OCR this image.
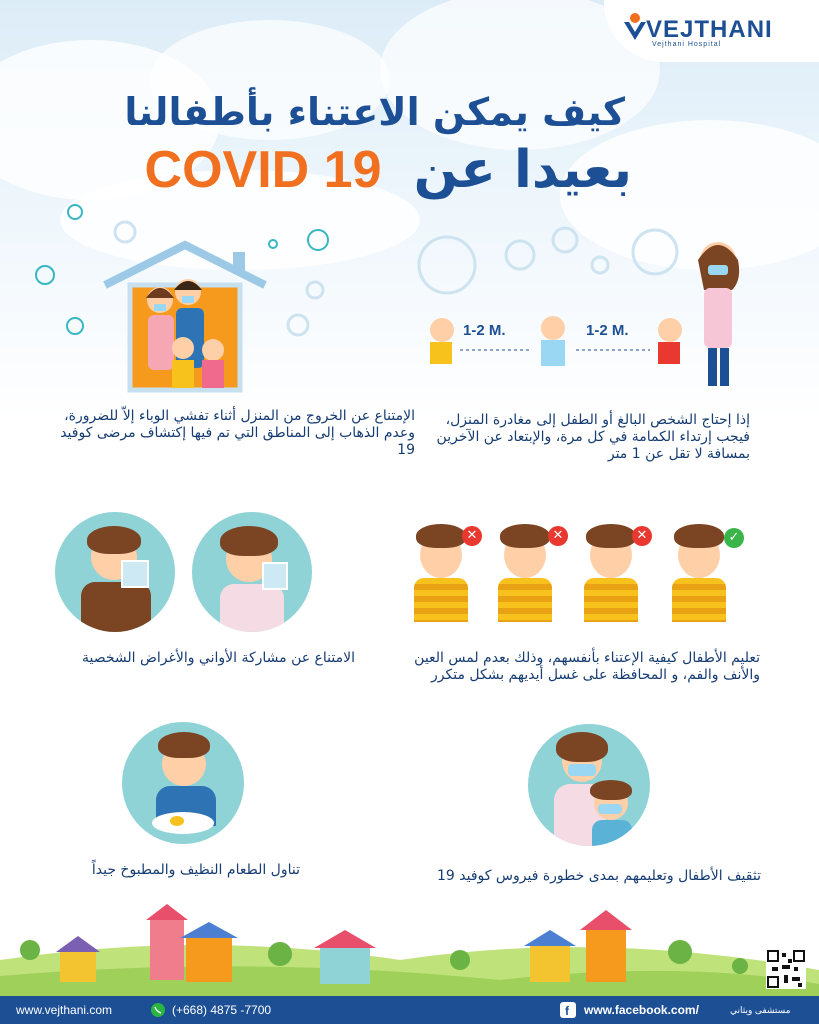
VEJTHANI
Vejthani Hospital
كيف يمكن الاعتناء بأطفالنا
COVID 19 بعيدا عن
الإمتناع عن الخروج من المنزل أثناء تفشي الوباء إلاّ للضرورة، وعدم الذهاب إلى المناطق التي تم فيها إكتشاف مرضى كوفيد 19
1-2 M.	1-2 M.
إذا إحتاج الشخص البالغ أو الطفل إلى مغادرة المنزل، فيجب إرتداء الكمامة في كل مرة، والإبتعاد عن الآخرين بمسافة لا تقل عن 1 متر
الامتناع عن مشاركة الأواني والأغراض الشخصية
✕	✕	✕	✓
تعليم الأطفال كيفية الإعتناء بأنفسهم، وذلك بعدم لمس العين والأنف والفم، و المحافظة على غسل أيديهم بشكل متكرر
تناول الطعام النظيف والمطبوخ جيداً	تثقيف الأطفال وتعليمهم بمدى خطورة فيروس كوفيد 19
www.vejthani.com	(+668) 4875 -7700	f www.facebook.com/	مستشفى ويثاني
